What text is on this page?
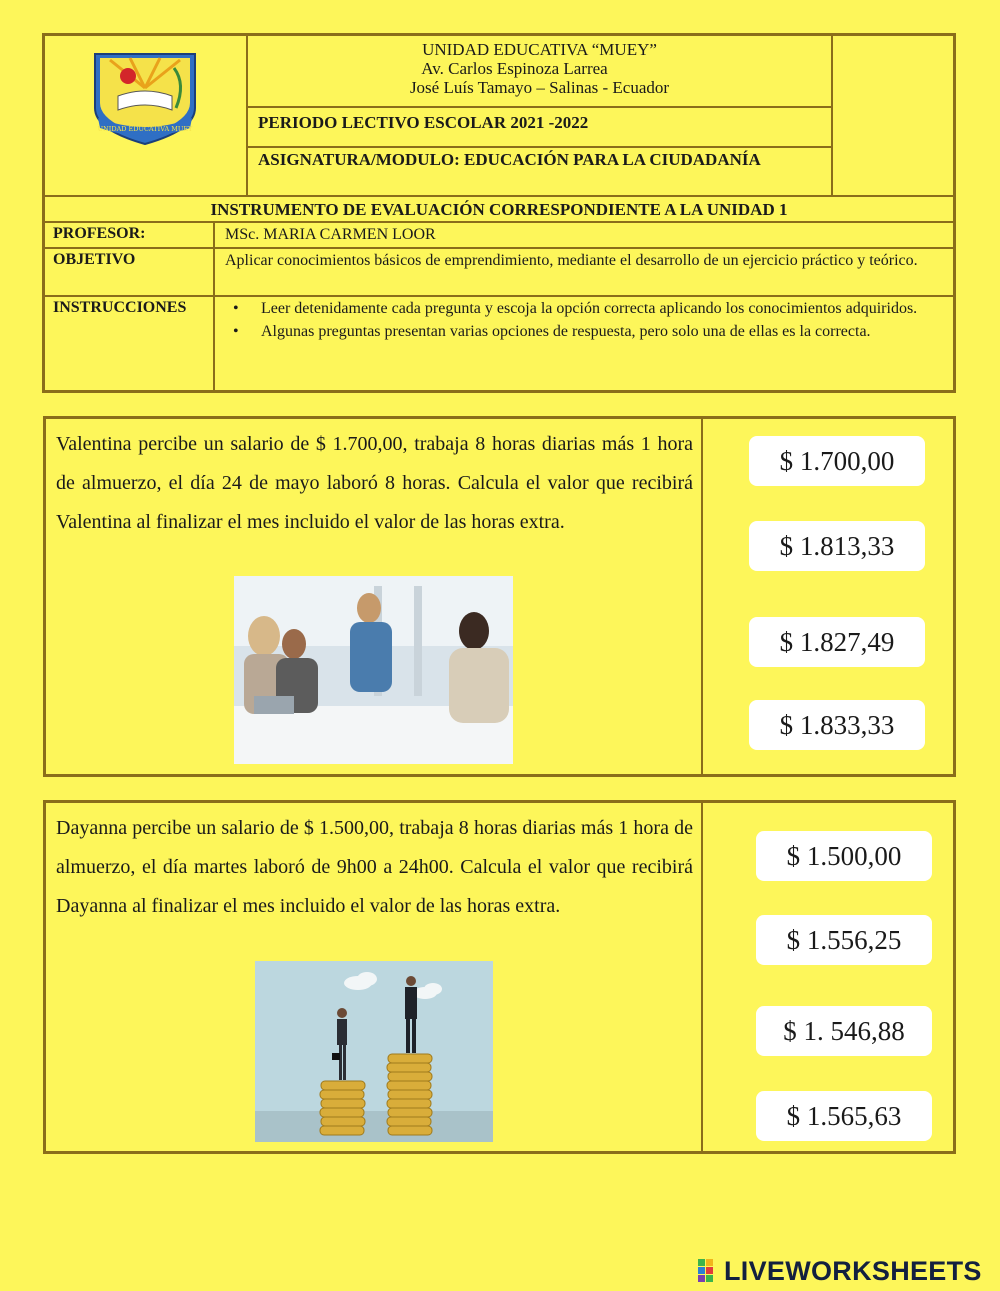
UNIDAD EDUCATIVA MUEY
UNIDAD EDUCATIVA “MUEY”
Av. Carlos Espinoza Larrea
José Luís Tamayo – Salinas - Ecuador
PERIODO LECTIVO ESCOLAR 2021 -2022
ASIGNATURA/MODULO: EDUCACIÓN PARA LA CIUDADANÍA
INSTRUMENTO DE EVALUACIÓN CORRESPONDIENTE A LA UNIDAD 1
PROFESOR:	MSc. MARIA CARMEN LOOR
OBJETIVO	Aplicar conocimientos básicos de emprendimiento, mediante el desarrollo de un ejercicio práctico y teórico.
INSTRUCCIONES
•	Leer detenidamente cada pregunta y escoja la opción correcta aplicando los conocimientos adquiridos.
• Algunas preguntas presentan varias opciones de respuesta, pero solo una de ellas es la correcta.
Valentina percibe un salario de $ 1.700,00, trabaja 8 horas diarias más 1 hora de almuerzo, el día 24 de mayo laboró 8 horas. Calcula el valor que recibirá Valentina al finalizar el mes incluido el valor de las horas extra.
$ 1.700,00
$ 1.813,33
$ 1.827,49
$ 1.833,33
Dayanna percibe un salario de $ 1.500,00, trabaja 8 horas diarias más 1 hora de almuerzo, el día martes laboró de 9h00 a 24h00. Calcula el valor que recibirá Dayanna al finalizar el mes incluido el valor de las horas extra.
$ 1.500,00
$ 1.556,25
$ 1. 546,88
$ 1.565,63
LIVEWORKSHEETS
